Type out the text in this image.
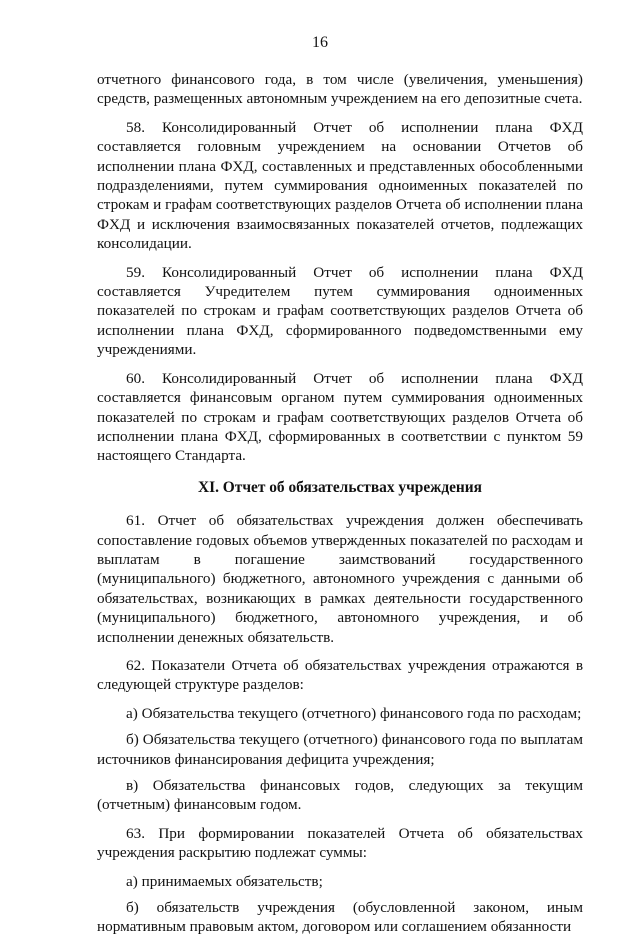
16

отчетного финансового года, в том числе (увеличения, уменьшения) средств, размещенных автономным учреждением на его депозитные счета.

58. Консолидированный Отчет об исполнении плана ФХД составляется головным учреждением на основании Отчетов об исполнении плана ФХД, составленных и представленных обособленными подразделениями, путем суммирования одноименных показателей по строкам и графам соответствующих разделов Отчета об исполнении плана ФХД и исключения взаимосвязанных показателей отчетов, подлежащих консолидации.

59. Консолидированный Отчет об исполнении плана ФХД составляется Учредителем путем суммирования одноименных показателей по строкам и графам соответствующих разделов Отчета об исполнении плана ФХД, сформированного подведомственными ему учреждениями.

60. Консолидированный Отчет об исполнении плана ФХД составляется финансовым органом путем суммирования одноименных показателей по строкам и графам соответствующих разделов Отчета об исполнении плана ФХД, сформированных в соответствии с пунктом 59 настоящего Стандарта.

XI. Отчет об обязательствах учреждения

61. Отчет об обязательствах учреждения должен обеспечивать сопоставление годовых объемов утвержденных показателей по расходам и выплатам в погашение заимствований государственного (муниципального) бюджетного, автономного учреждения с данными об обязательствах, возникающих в рамках деятельности государственного (муниципального) бюджетного, автономного учреждения, и об исполнении денежных обязательств.

62. Показатели Отчета об обязательствах учреждения отражаются в следующей структуре разделов:

а) Обязательства текущего (отчетного) финансового года по расходам;

б) Обязательства текущего (отчетного) финансового года по выплатам источников финансирования дефицита учреждения;

в) Обязательства финансовых годов, следующих за текущим (отчетным) финансовым годом.

63. При формировании показателей Отчета об обязательствах учреждения раскрытию подлежат суммы:

а) принимаемых обязательств;

б) обязательств учреждения (обусловленной законом, иным нормативным правовым актом, договором или соглашением обязанности
